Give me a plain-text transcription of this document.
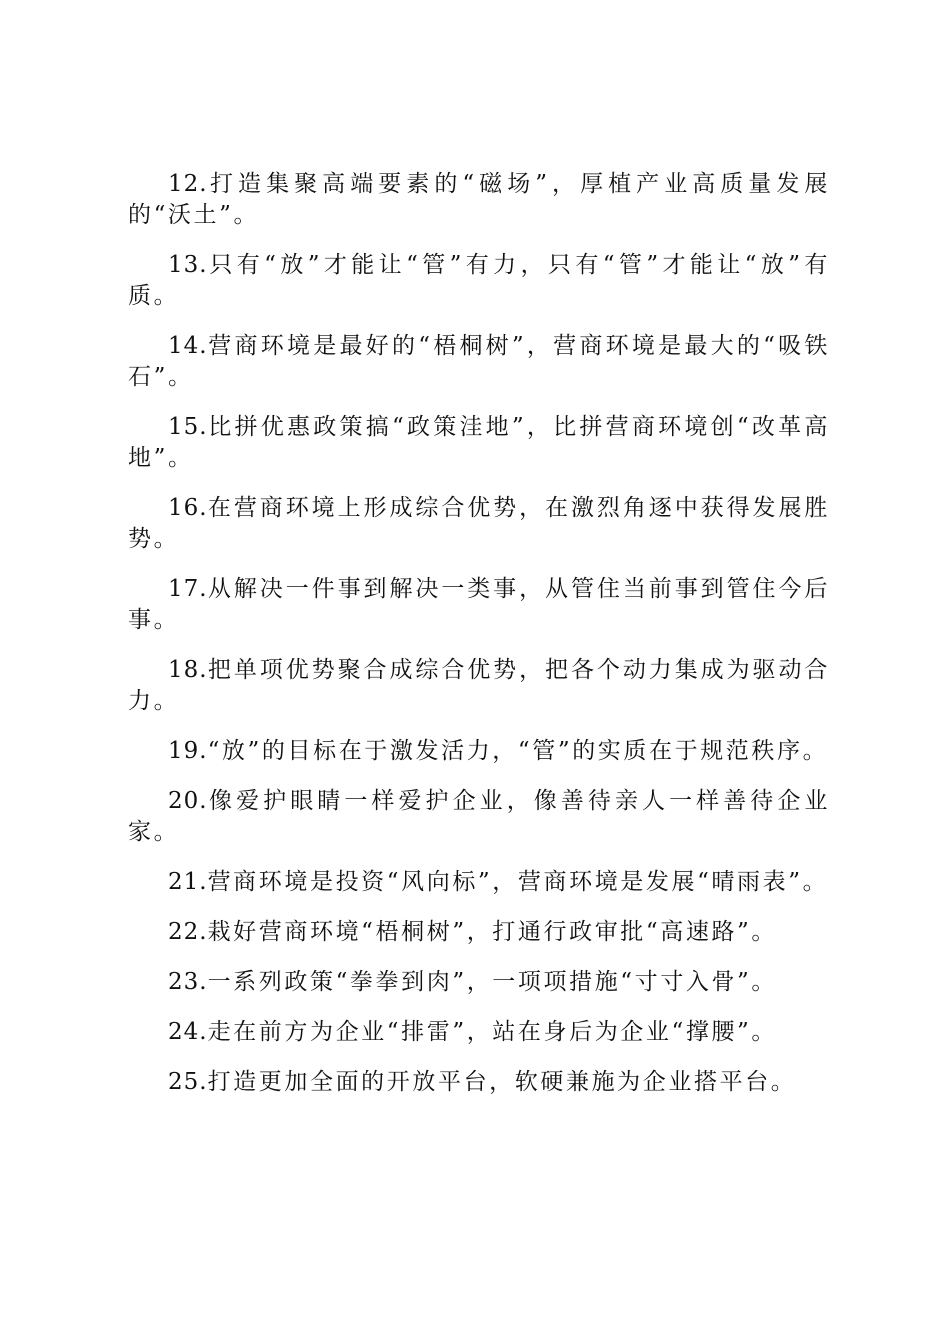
12.打造集聚高端要素的“磁场”，厚植产业高质量发展的“沃土”。

13.只有“放”才能让“管”有力，只有“管”才能让“放”有质。

14.营商环境是最好的“梧桐树”，营商环境是最大的“吸铁石”。

15.比拼优惠政策搞“政策洼地”，比拼营商环境创“改革高地”。

16.在营商环境上形成综合优势，在激烈角逐中获得发展胜势。

17.从解决一件事到解决一类事，从管住当前事到管住今后事。

18.把单项优势聚合成综合优势，把各个动力集成为驱动合力。

19.“放”的目标在于激发活力，“管”的实质在于规范秩序。

20.像爱护眼睛一样爱护企业，像善待亲人一样善待企业家。

21.营商环境是投资“风向标”，营商环境是发展“晴雨表”。

22.栽好营商环境“梧桐树”，打通行政审批“高速路”。

23.一系列政策“拳拳到肉”，一项项措施“寸寸入骨”。

24.走在前方为企业“排雷”，站在身后为企业“撑腰”。

25.打造更加全面的开放平台，软硬兼施为企业搭平台。
